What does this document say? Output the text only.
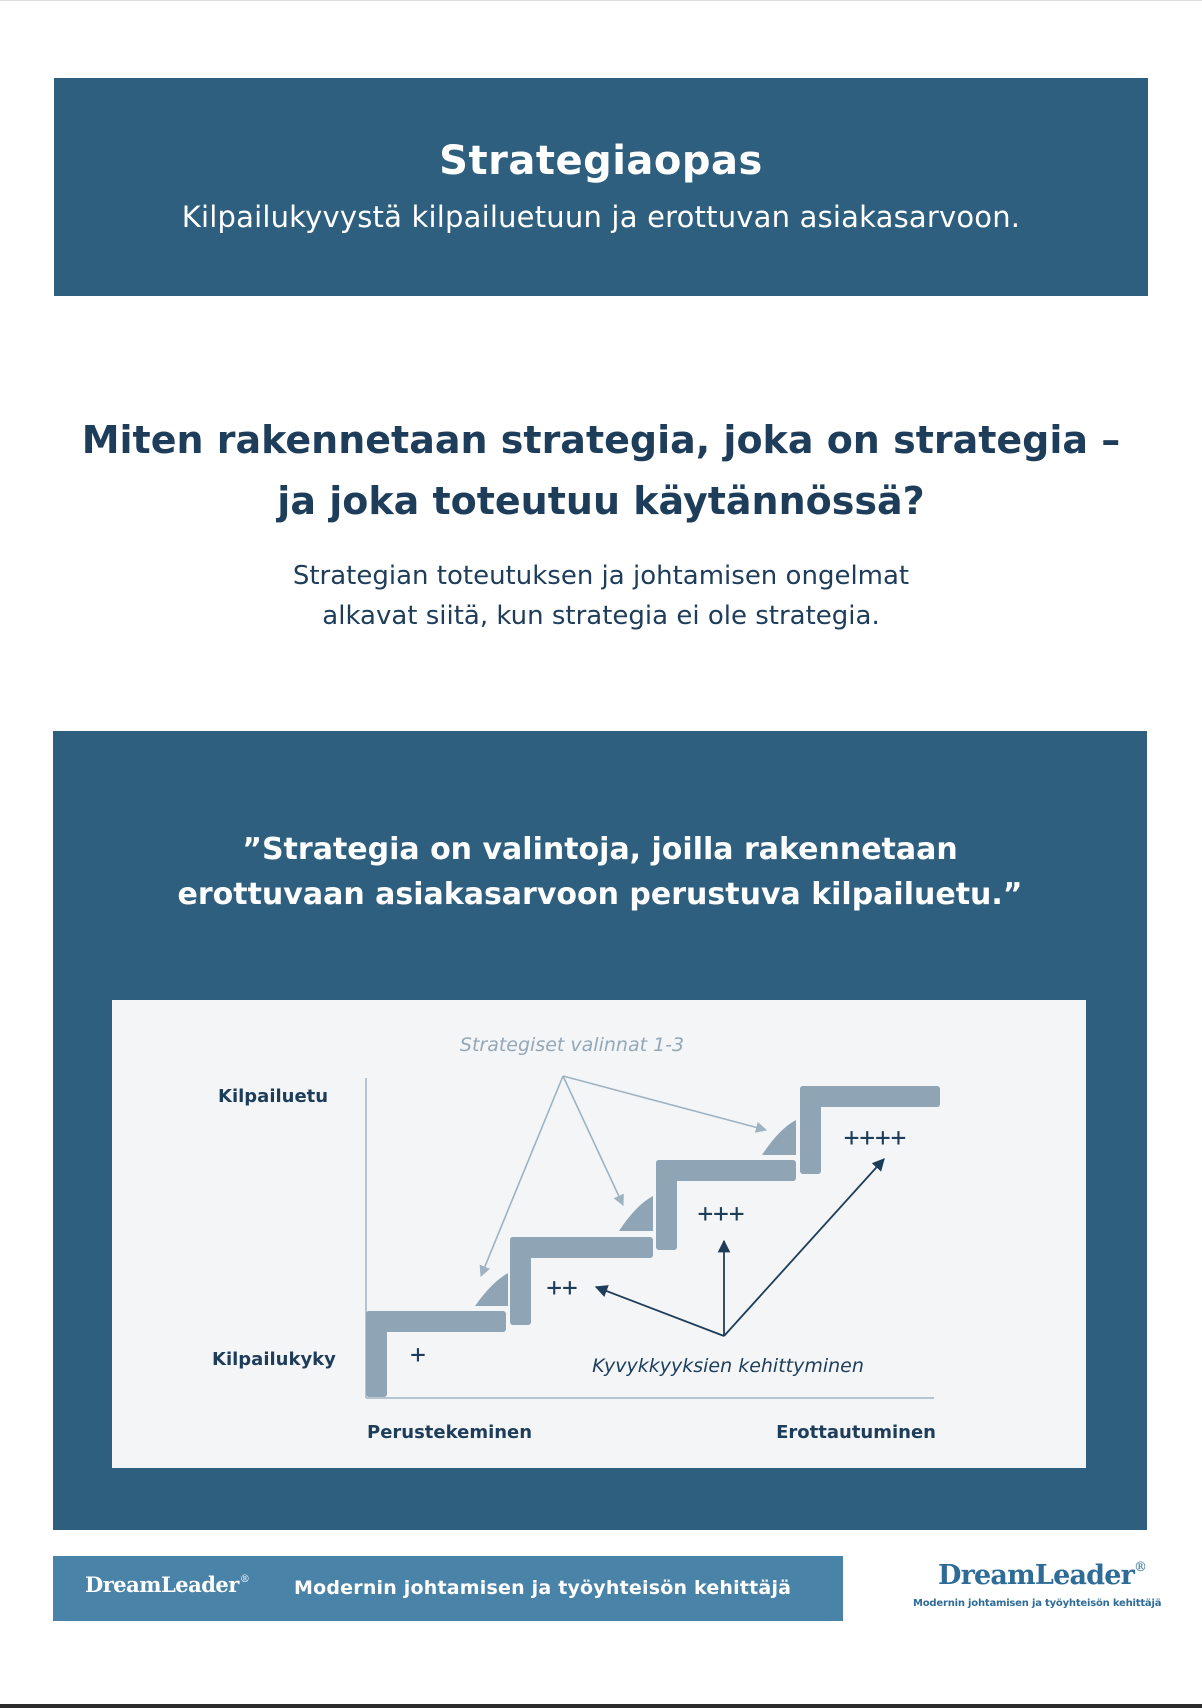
Strategiaopas
Kilpailukyvystä kilpailuetuun ja erottuvan asiakasarvoon.
Miten rakennetaan strategia, joka on strategia –
ja joka toteutuu käytännössä?
Strategian toteutuksen ja johtamisen ongelmat
alkavat siitä, kun strategia ei ole strategia.
”Strategia on valintoja, joilla rakennetaan
erottuvaan asiakasarvoon perustuva kilpailuetu.”
Strategiset valinnat 1-3
Kilpailuetu
Kilpailukyky
Perustekeminen	Erottautuminen
Kyvykkyyksien kehittyminen
+
++
+++
++++
DreamLeader® Modernin johtamisen ja työyhteisön kehittäjä	DreamLeader®
Modernin johtamisen ja työyhteisön kehittäjä
